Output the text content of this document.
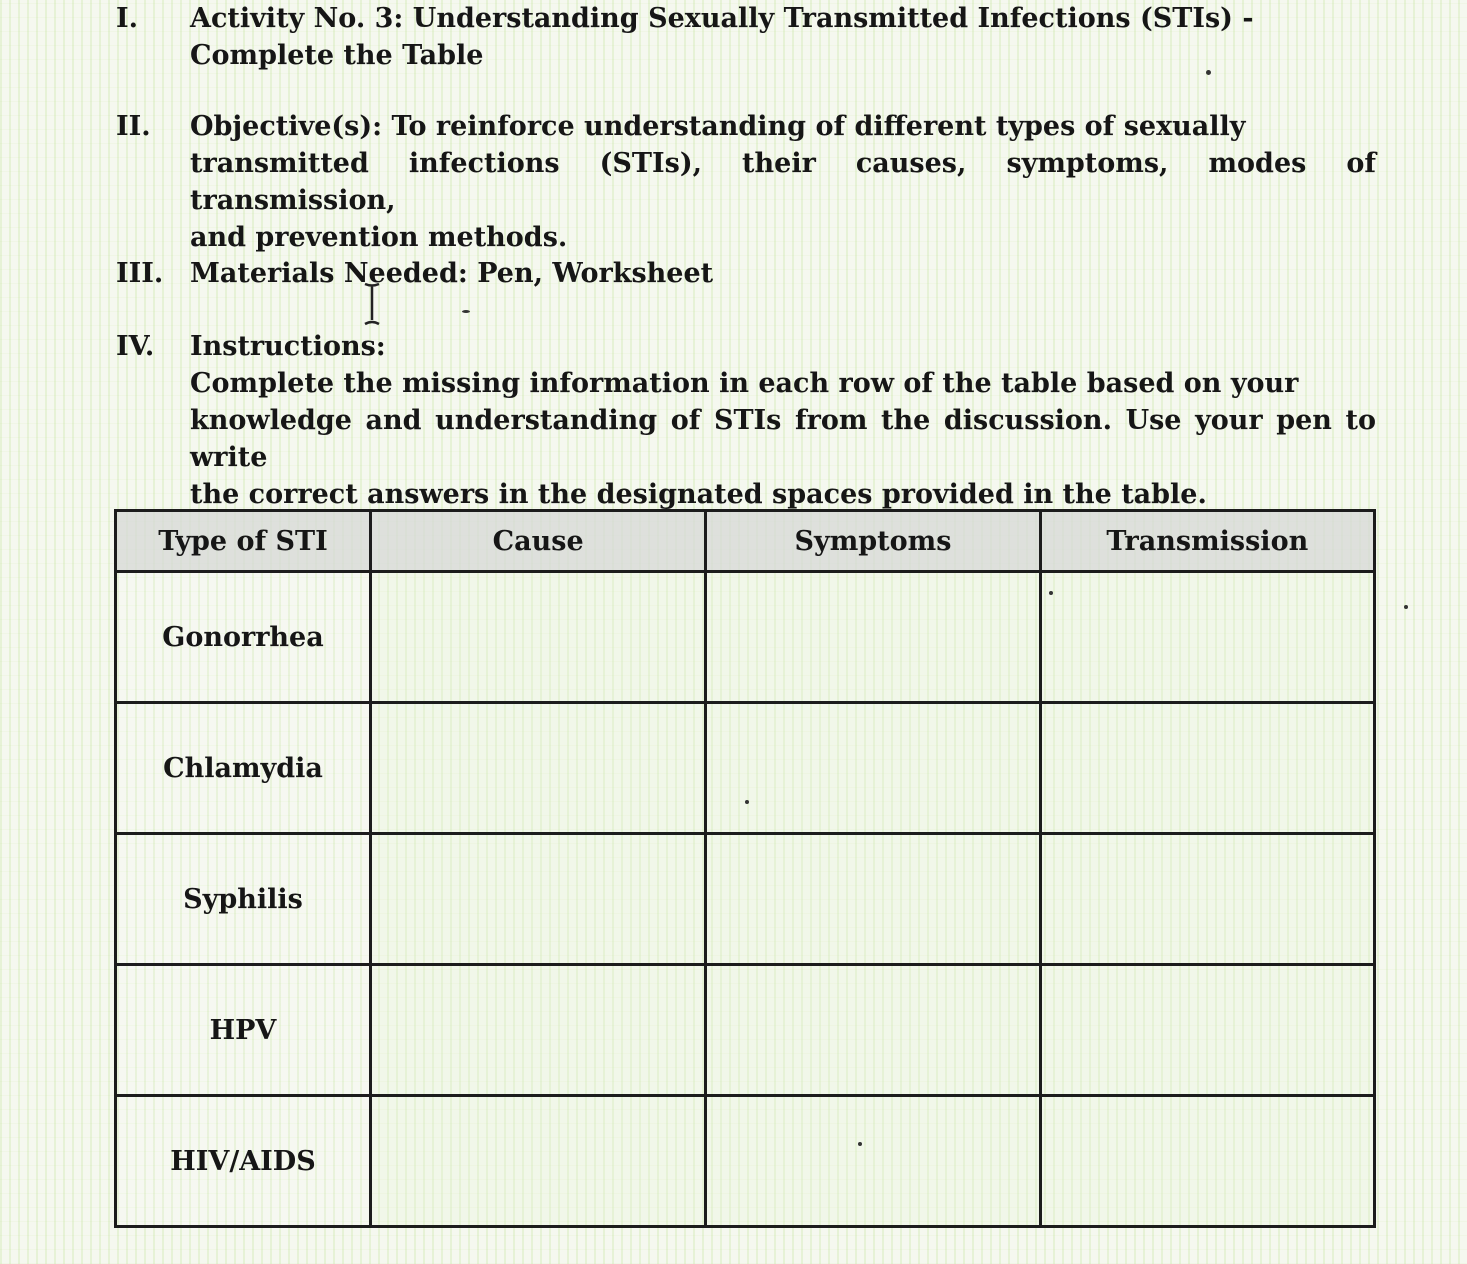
I. Activity No. 3: Understanding Sexually Transmitted Infections (STIs) -
Complete the Table
II. Objective(s): To reinforce understanding of different types of sexually
transmitted infections (STIs), their causes, symptoms, modes of transmission,
and prevention methods.
III. Materials Needed: Pen, Worksheet
IV. Instructions:
Complete the missing information in each row of the table based on your
knowledge and understanding of STIs from the discussion. Use your pen to write
the correct answers in the designated spaces provided in the table.
Type of STI	Cause	Symptoms	Transmission
Gonorrhea			
Chlamydia			
Syphilis			
HPV			
HIV/AIDS			
